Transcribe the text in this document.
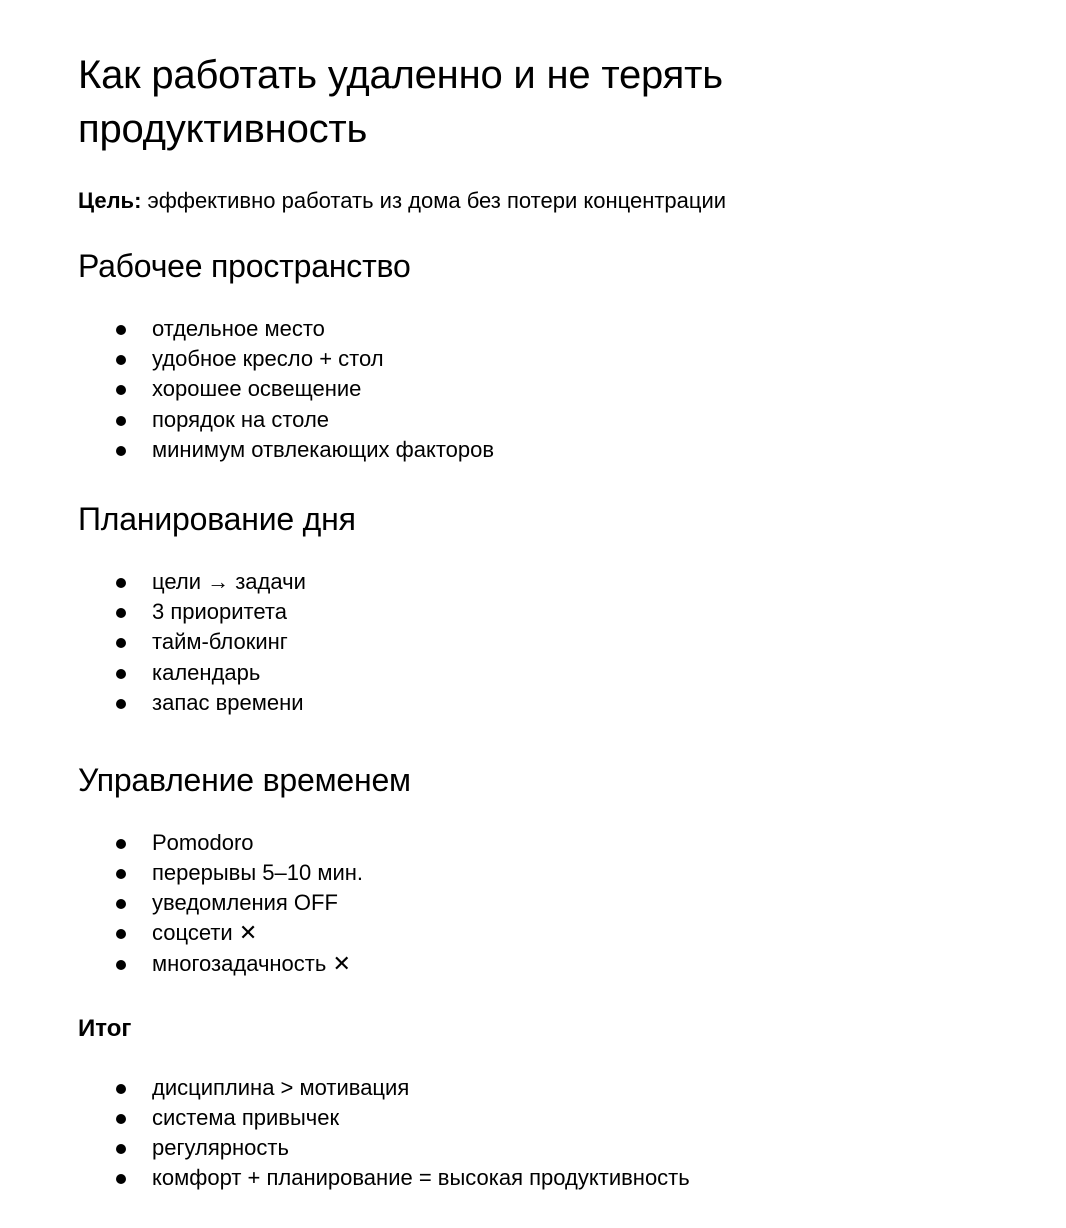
Как работать удаленно и не терять продуктивность

Цель: эффективно работать из дома без потери концентрации

Рабочее пространство
отдельное место
удобное кресло + стол
хорошее освещение
порядок на столе
минимум отвлекающих факторов
Планирование дня
цели → задачи
3 приоритета
тайм-блокинг
календарь
запас времени
Управление временем
Pomodoro
перерывы 5–10 мин.
уведомления OFF
соцсети ✕
многозадачность ✕
Итог
дисциплина > мотивация
система привычек
регулярность
комфорт + планирование = высокая продуктивность
